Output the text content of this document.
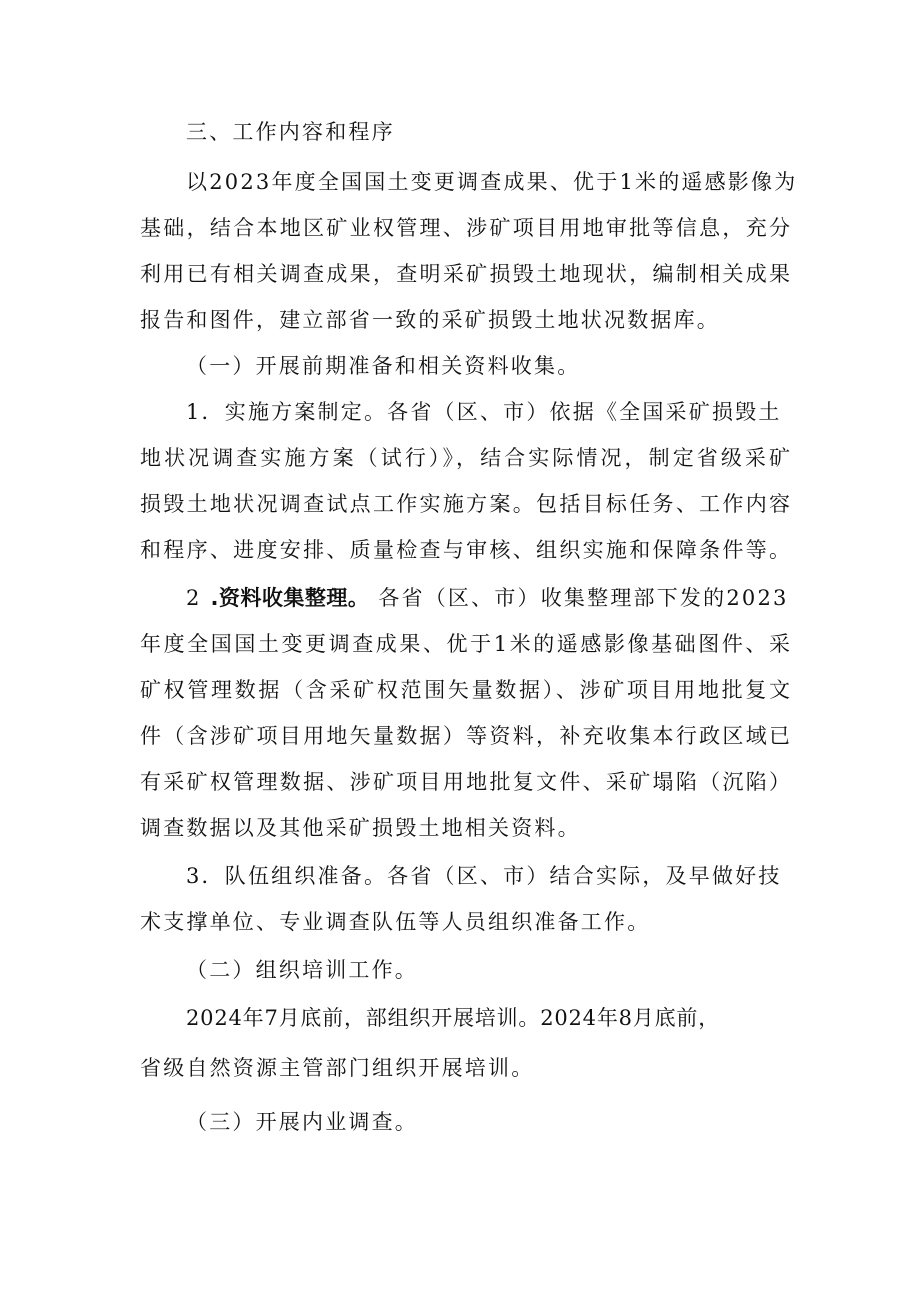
三、工作内容和程序
以2023年度全国国土变更调查成果、优于1米的遥感影像为
基础，结合本地区矿业权管理、涉矿项目用地审批等信息，充分
利用已有相关调查成果，查明采矿损毁土地现状，编制相关成果
报告和图件，建立部省一致的采矿损毁土地状况数据库。
（一）开展前期准备和相关资料收集。
1．实施方案制定。各省（区、市）依据《全国采矿损毁土
地状况调查实施方案（试行）》，结合实际情况，制定省级采矿
损毁土地状况调查试点工作实施方案。包括目标任务、工作内容
和程序、进度安排、质量检查与审核、组织实施和保障条件等。
2 .资料收集整理。 各省（区、市）收集整理部下发的2023
年度全国国土变更调查成果、优于1米的遥感影像基础图件、采
矿权管理数据（含采矿权范围矢量数据）、涉矿项目用地批复文
件（含涉矿项目用地矢量数据）等资料，补充收集本行政区域已
有采矿权管理数据、涉矿项目用地批复文件、采矿塌陷（沉陷）
调查数据以及其他采矿损毁土地相关资料。
3．队伍组织准备。各省（区、市）结合实际，及早做好技
术支撑单位、专业调查队伍等人员组织准备工作。
（二）组织培训工作。
2024年7月底前，部组织开展培训。2024年8月底前，
省级自然资源主管部门组织开展培训。
（三）开展内业调查。
